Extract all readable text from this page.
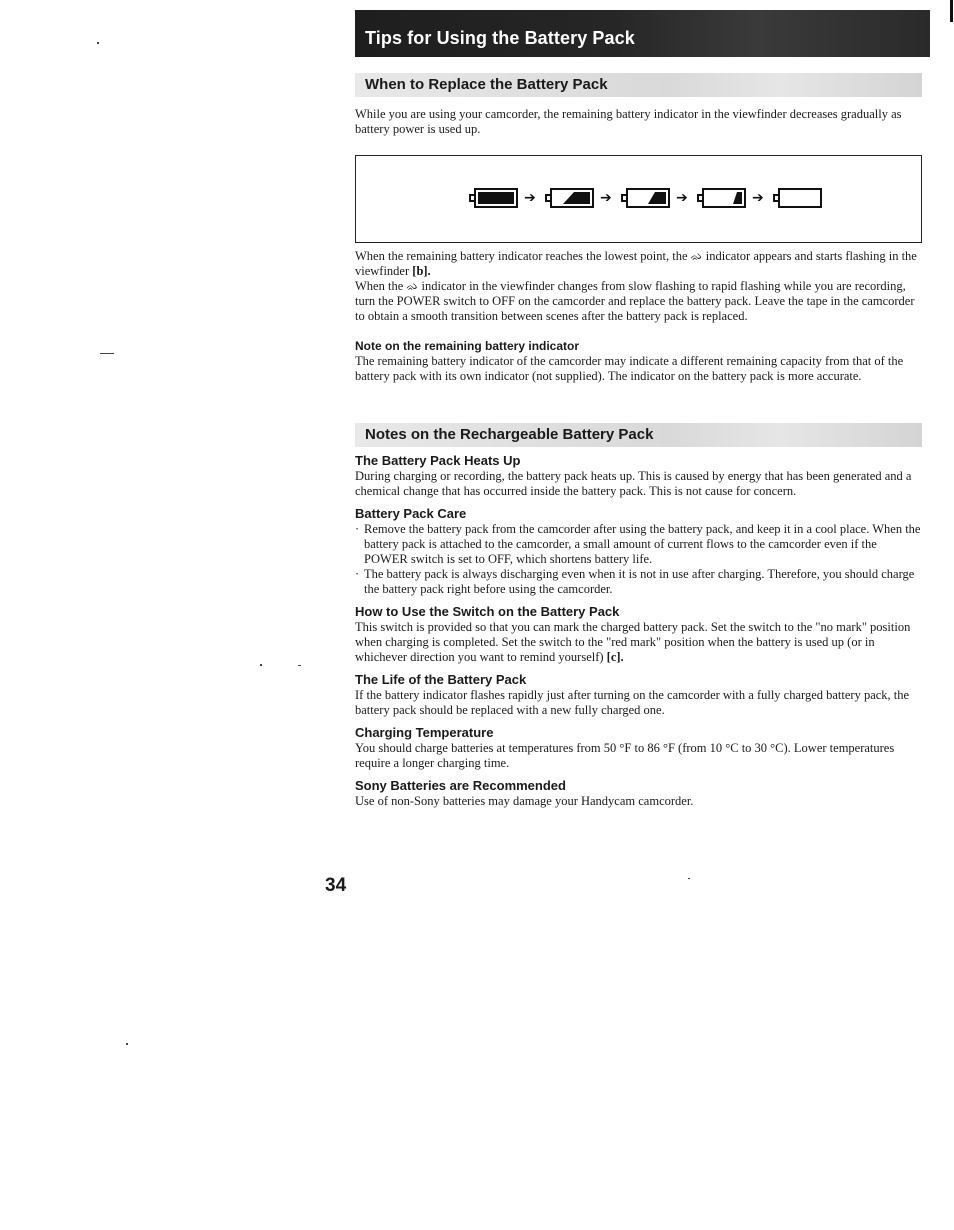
Tips for Using the Battery Pack
When to Replace the Battery Pack

While you are using your camcorder, the remaining battery indicator in the viewfinder decreases gradually as battery power is used up.

➔	➔	➔	➔

When the remaining battery indicator reaches the lowest point, the ᨋ indicator appears and starts flashing in the viewfinder [b].

When the ᨋ indicator in the viewfinder changes from slow flashing to rapid flashing while you are recording, turn the POWER switch to OFF on the camcorder and replace the battery pack. Leave the tape in the camcorder to obtain a smooth transition between scenes after the battery pack is replaced.

Note on the remaining battery indicator

The remaining battery indicator of the camcorder may indicate a different remaining capacity from that of the battery pack with its own indicator (not supplied). The indicator on the battery pack is more accurate.

Notes on the Rechargeable Battery Pack

The Battery Pack Heats Up

During charging or recording, the battery pack heats up. This is caused by energy that has been generated and a chemical change that has occurred inside the battery pack. This is not cause for concern.

Battery Pack Care

· Remove the battery pack from the camcorder after using the battery pack, and keep it in a cool place. When the battery pack is attached to the camcorder, a small amount of current flows to the camcorder even if the POWER switch is set to OFF, which shortens battery life.

· The battery pack is always discharging even when it is not in use after charging. Therefore, you should charge the battery pack right before using the camcorder.

How to Use the Switch on the Battery Pack

This switch is provided so that you can mark the charged battery pack. Set the switch to the "no mark" position when charging is completed. Set the switch to the "red mark" position when the battery is used up (or in whichever direction you want to remind yourself) [c].

The Life of the Battery Pack

If the battery indicator flashes rapidly just after turning on the camcorder with a fully charged battery pack, the battery pack should be replaced with a new fully charged one.

Charging Temperature

You should charge batteries at temperatures from 50 °F to 86 °F (from 10 °C to 30 °C). Lower temperatures require a longer charging time.

Sony Batteries are Recommended

Use of non-Sony batteries may damage your Handycam camcorder.

34
